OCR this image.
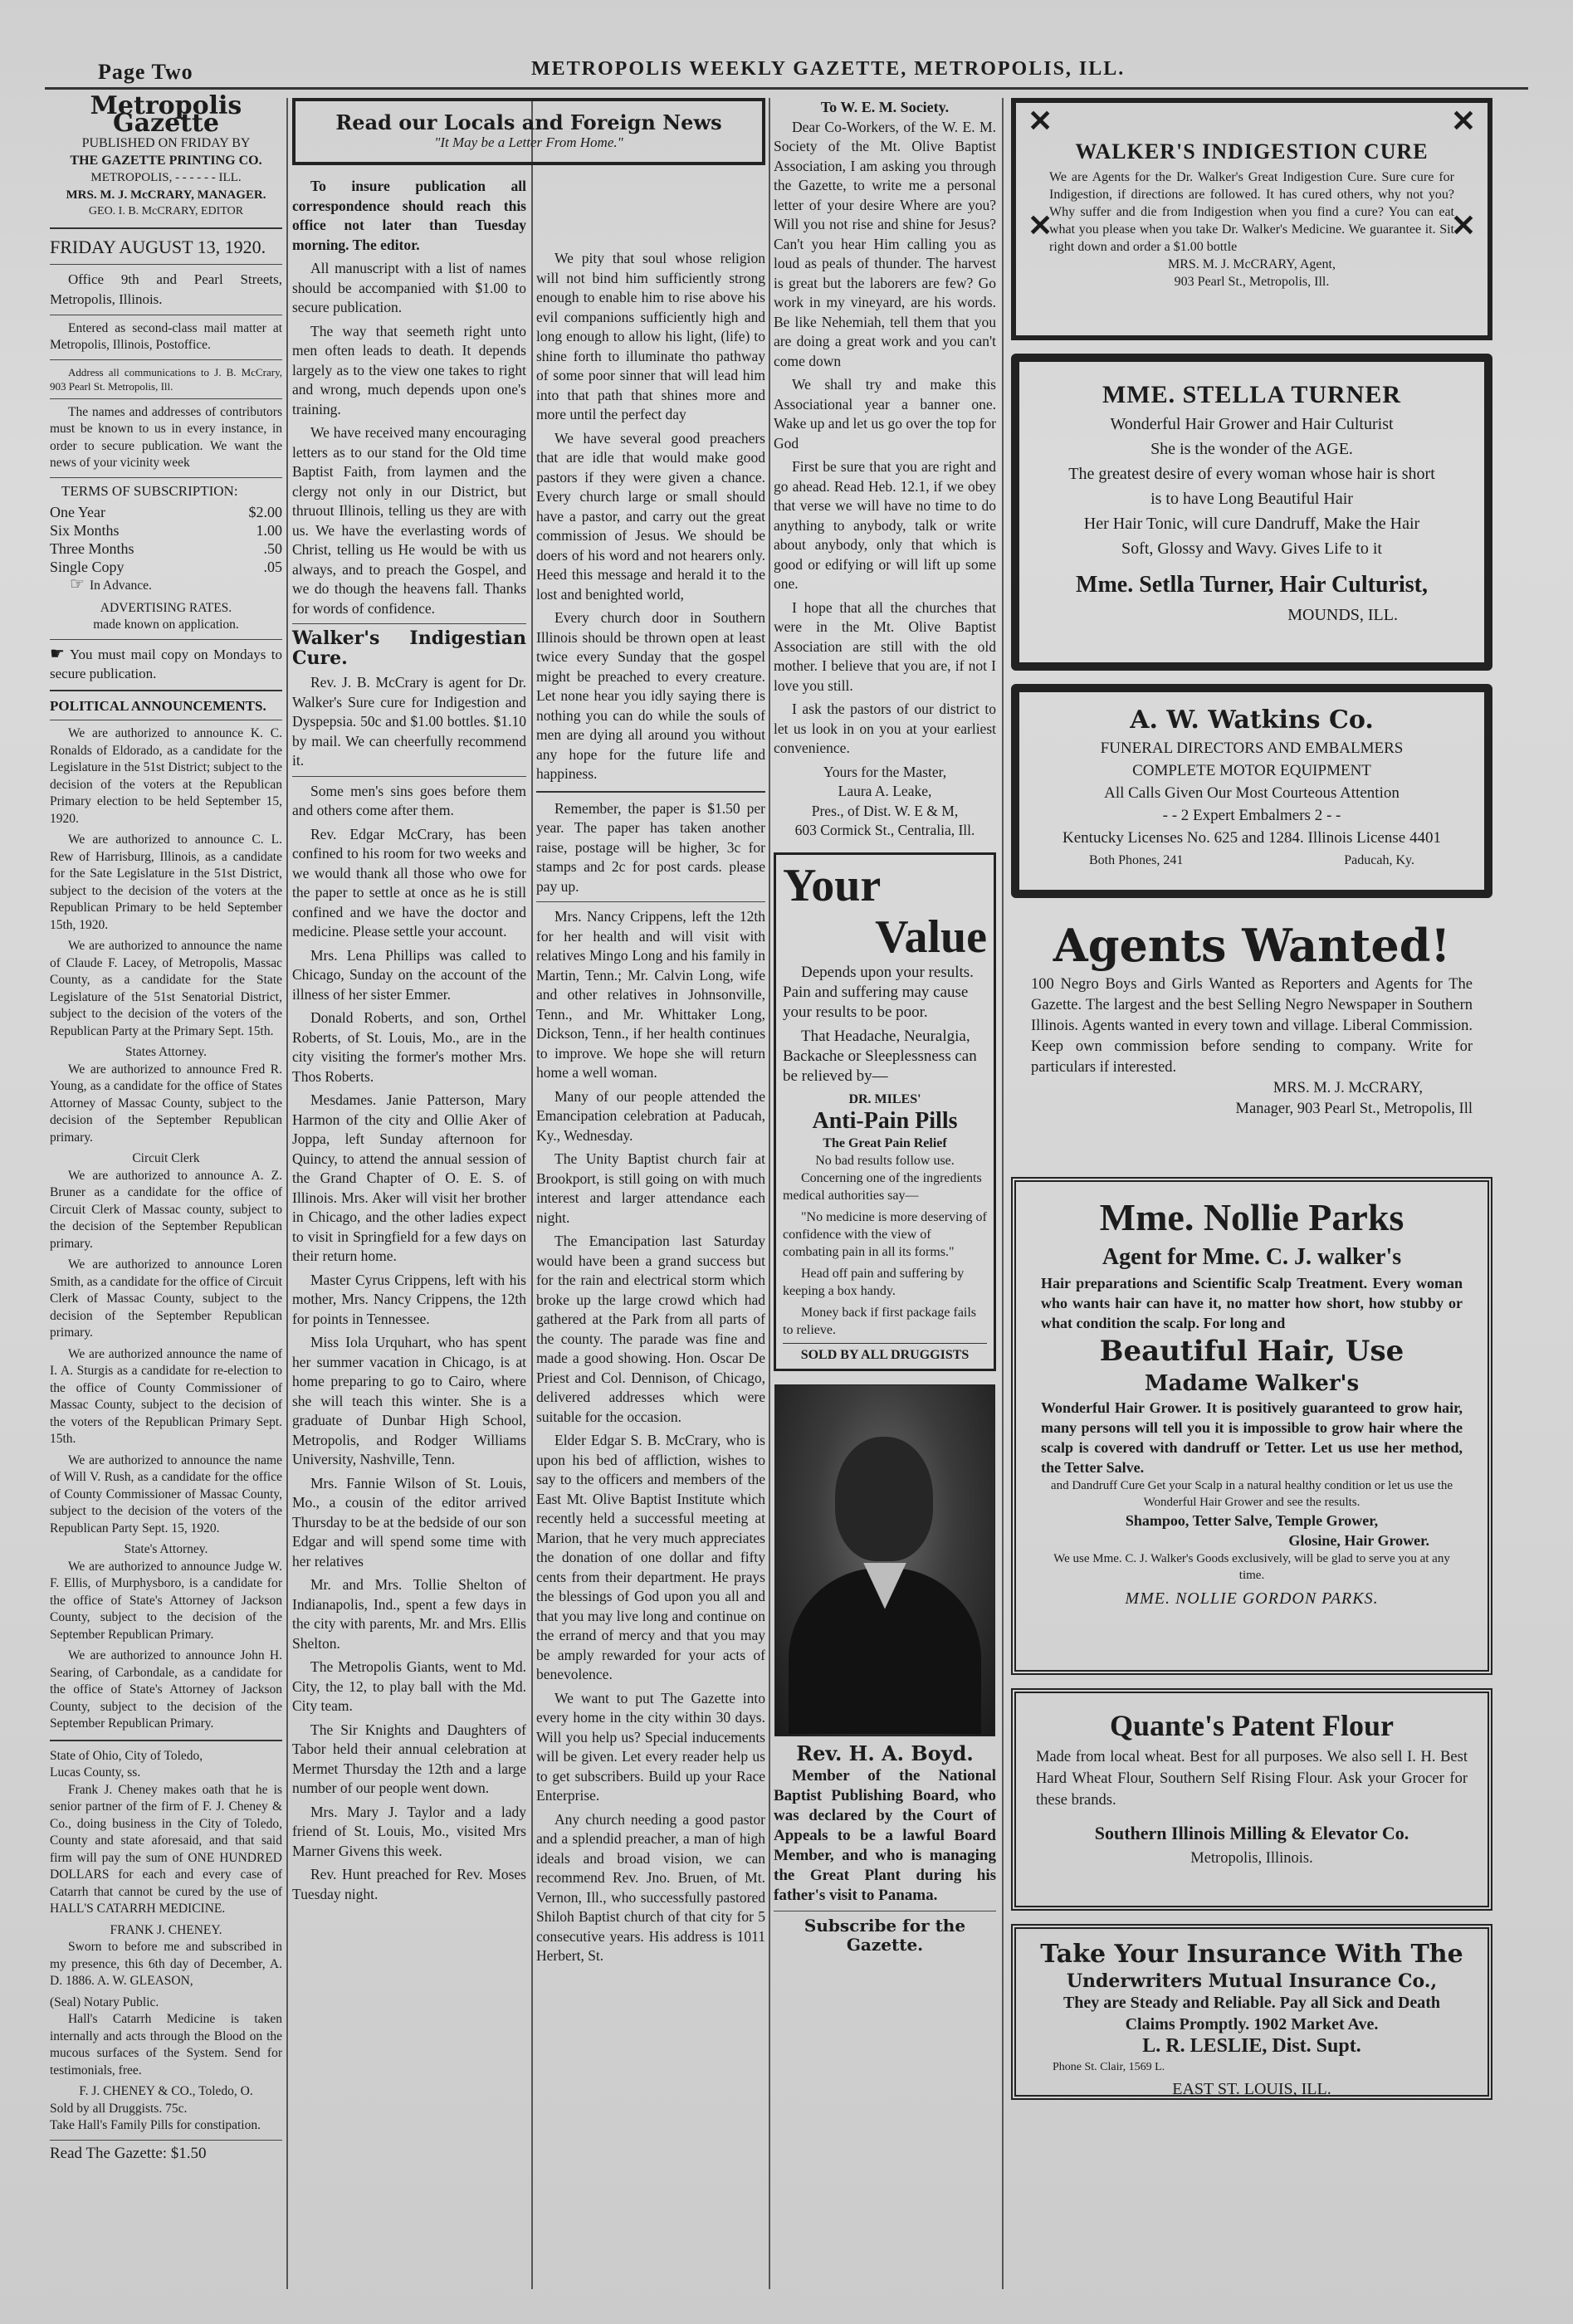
Page Two	METROPOLIS WEEKLY GAZETTE, METROPOLIS, ILL.
Metropolis Gazette
PUBLISHED ON FRIDAY BY
THE GAZETTE PRINTING CO.
METROPOLIS, - - - - - - ILL.
MRS. M. J. McCRARY, MANAGER.
GEO. I. B. McCRARY, EDITOR
FRIDAY AUGUST 13, 1920.

Office 9th and Pearl Streets, Metropolis, Illinois.

Entered as second-class mail matter at Metropolis, Illinois, Postoffice.

Address all communications to J. B. McCrary, 903 Pearl St. Metropolis, Ill.

The names and addresses of contributors must be known to us in every instance, in order to secure publication. We want the news of your vicinity week

TERMS OF SUBSCRIPTION:
One Year	$2.00
Six Months	1.00
Three Months	.50
Single Copy	.05
☞ In Advance.
ADVERTISING RATES.
made known on application.
☛ You must mail copy on Mondays to secure publication.
POLITICAL ANNOUNCEMENTS.

We are authorized to announce K. C. Ronalds of Eldorado, as a candidate for the Legislature in the 51st District; subject to the decision of the voters at the Republican Primary election to be held September 15, 1920.

We are authorized to announce C. L. Rew of Harrisburg, Illinois, as a candidate for the Sate Legislature in the 51st District, subject to the decision of the voters at the Republican Primary to be held September 15th, 1920.

We are authorized to announce the name of Claude F. Lacey, of Metropolis, Massac County, as a candidate for the State Legislature of the 51st Senatorial District, subject to the decision of the voters of the Republican Party at the Primary Sept. 15th.

States Attorney.

We are authorized to announce Fred R. Young, as a candidate for the office of States Attorney of Massac County, subject to the decision of the September Republican primary.

Circuit Clerk

We are authorized to announce A. Z. Bruner as a candidate for the office of Circuit Clerk of Massac county, subject to the decision of the September Republican primary.

We are authorized to announce Loren Smith, as a candidate for the office of Circuit Clerk of Massac County, subject to the decision of the September Republican primary.

We are authorized announce the name of I. A. Sturgis as a candidate for re-election to the office of County Commissioner of Massac County, subject to the decision of the voters of the Republican Primary Sept. 15th.

We are authorized to announce the name of Will V. Rush, as a candidate for the office of County Commissioner of Massac County, subject to the decision of the voters of the Republican Party Sept. 15, 1920.

State's Attorney.

We are authorized to announce Judge W. F. Ellis, of Murphysboro, is a candidate for the office of State's Attorney of Jackson County, subject to the decision of the September Republican Primary.

We are authorized to announce John H. Searing, of Carbondale, as a candidate for the office of State's Attorney of Jackson County, subject to the decision of the September Republican Primary.

State of Ohio, City of Toledo,
Lucas County, ss.

Frank J. Cheney makes oath that he is senior partner of the firm of F. J. Cheney & Co., doing business in the City of Toledo, County and state aforesaid, and that said firm will pay the sum of ONE HUNDRED DOLLARS for each and every case of Catarrh that cannot be cured by the use of HALL'S CATARRH MEDICINE.

FRANK J. CHENEY.

Sworn to before me and subscribed in my presence, this 6th day of December, A. D. 1886. A. W. GLEASON,

(Seal) Notary Public.

Hall's Catarrh Medicine is taken internally and acts through the Blood on the mucous surfaces of the System. Send for testimonials, free.

F. J. CHENEY & CO., Toledo, O.
Sold by all Druggists. 75c.
Take Hall's Family Pills for constipation.
Read The Gazette: $1.50
Read our Locals and Foreign News
"It May be a Letter From Home."

To insure publication all correspondence should reach this office not later than Tuesday morning. The editor.

All manuscript with a list of names should be accompanied with $1.00 to secure publication.

The way that seemeth right unto men often leads to death. It depends largely as to the view one takes to right and wrong, much depends upon one's training.

We have received many encouraging letters as to our stand for the Old time Baptist Faith, from laymen and the clergy not only in our District, but thruout Illinois, telling us they are with us. We have the everlasting words of Christ, telling us He would be with us always, and to preach the Gospel, and we do though the heavens fall. Thanks for words of confidence.

Walker's Indigestian Cure.

Rev. J. B. McCrary is agent for Dr. Walker's Sure cure for Indigestion and Dyspepsia. 50c and $1.00 bottles. $1.10 by mail. We can cheerfully recommend it.

Some men's sins goes before them and others come after them.

Rev. Edgar McCrary, has been confined to his room for two weeks and we would thank all those who owe for the paper to settle at once as he is still confined and we have the doctor and medicine. Please settle your account.

Mrs. Lena Phillips was called to Chicago, Sunday on the account of the illness of her sister Emmer.

Donald Roberts, and son, Orthel Roberts, of St. Louis, Mo., are in the city visiting the former's mother Mrs. Thos Roberts.

Mesdames. Janie Patterson, Mary Harmon of the city and Ollie Aker of Joppa, left Sunday afternoon for Quincy, to attend the annual session of the Grand Chapter of O. E. S. of Illinois. Mrs. Aker will visit her brother in Chicago, and the other ladies expect to visit in Springfield for a few days on their return home.

Master Cyrus Crippens, left with his mother, Mrs. Nancy Crippens, the 12th for points in Tennessee.

Miss Iola Urquhart, who has spent her summer vacation in Chicago, is at home preparing to go to Cairo, where she will teach this winter. She is a graduate of Dunbar High School, Metropolis, and Rodger Williams University, Nashville, Tenn.

Mrs. Fannie Wilson of St. Louis, Mo., a cousin of the editor arrived Thursday to be at the bedside of our son Edgar and will spend some time with her relatives

Mr. and Mrs. Tollie Shelton of Indianapolis, Ind., spent a few days in the city with parents, Mr. and Mrs. Ellis Shelton.

The Metropolis Giants, went to Md. City, the 12, to play ball with the Md. City team.

The Sir Knights and Daughters of Tabor held their annual celebration at Mermet Thursday the 12th and a large number of our people went down.

Mrs. Mary J. Taylor and a lady friend of St. Louis, Mo., visited Mrs Marner Givens this week.

Rev. Hunt preached for Rev. Moses Tuesday night.

We pity that soul whose religion will not bind him sufficiently strong enough to enable him to rise above his evil companions sufficiently high and long enough to allow his light, (life) to shine forth to illuminate tho pathway of some poor sinner that will lead him into that path that shines more and more until the perfect day

We have several good preachers that are idle that would make good pastors if they were given a chance. Every church large or small should have a pastor, and carry out the great commission of Jesus. We should be doers of his word and not hearers only. Heed this message and herald it to the lost and benighted world,

Every church door in Southern Illinois should be thrown open at least twice every Sunday that the gospel might be preached to every creature. Let none hear you idly saying there is nothing you can do while the souls of men are dying all around you without any hope for the future life and happiness.

Remember, the paper is $1.50 per year. The paper has taken another raise, postage will be higher, 3c for stamps and 2c for post cards. please pay up.

Mrs. Nancy Crippens, left the 12th for her health and will visit with relatives Mingo Long and his family in Martin, Tenn.; Mr. Calvin Long, wife and other relatives in Johnsonville, Tenn., and Mr. Whittaker Long, Dickson, Tenn., if her health continues to improve. We hope she will return home a well woman.

Many of our people attended the Emancipation celebration at Paducah, Ky., Wednesday.

The Unity Baptist church fair at Brookport, is still going on with much interest and larger attendance each night.

The Emancipation last Saturday would have been a grand success but for the rain and electrical storm which broke up the large crowd which had gathered at the Park from all parts of the county. The parade was fine and made a good showing. Hon. Oscar De Priest and Col. Dennison, of Chicago, delivered addresses which were suitable for the occasion.

Elder Edgar S. B. McCrary, who is upon his bed of affliction, wishes to say to the officers and members of the East Mt. Olive Baptist Institute which recently held a successful meeting at Marion, that he very much appreciates the donation of one dollar and fifty cents from their department. He prays the blessings of God upon you all and that you may live long and continue on the errand of mercy and that you may be amply rewarded for your acts of benevolence.

We want to put The Gazette into every home in the city within 30 days. Will you help us? Special inducements will be given. Let every reader help us to get subscribers. Build up your Race Enterprise.

Any church needing a good pastor and a splendid preacher, a man of high ideals and broad vision, we can recommend Rev. Jno. Bruen, of Mt. Vernon, Ill., who successfully pastored Shiloh Baptist church of that city for 5 consecutive years. His address is 1011 Herbert, St.

To W. E. M. Society.

Dear Co-Workers, of the W. E. M. Society of the Mt. Olive Baptist Association, I am asking you through the Gazette, to write me a personal letter of your desire Where are you? Will you not rise and shine for Jesus? Can't you hear Him calling you as loud as peals of thunder. The harvest is great but the laborers are few? Go work in my vineyard, are his words. Be like Nehemiah, tell them that you are doing a great work and you can't come down

We shall try and make this Associational year a banner one. Wake up and let us go over the top for God

First be sure that you are right and go ahead. Read Heb. 12.1, if we obey that verse we will have no time to do anything to anybody, talk or write about anybody, only that which is good or edifying or will lift up some one.

I hope that all the churches that were in the Mt. Olive Baptist Association are still with the old mother. I believe that you are, if not I love you still.

I ask the pastors of our district to let us look in on you at your earliest convenience.

Yours for the Master,
Laura A. Leake,
Pres., of Dist. W. E & M,
603 Cormick St., Centralia, Ill.
Your
Value

Depends upon your results. Pain and suffering may cause your results to be poor.

That Headache, Neuralgia, Backache or Sleeplessness can be relieved by—

DR. MILES'
Anti-Pain Pills
The Great Pain Relief
No bad results follow use.

Concerning one of the ingredients medical authorities say—

"No medicine is more deserving of confidence with the view of combating pain in all its forms."

Head off pain and suffering by keeping a box handy.

Money back if first package fails to relieve.

SOLD BY ALL DRUGGISTS
Rev. H. A. Boyd.

Member of the National Baptist Publishing Board, who was declared by the Court of Appeals to be a lawful Board Member, and who is managing the Great Plant during his father's visit to Panama.

Subscribe for the Gazette.
✕	✕
✕	✕
WALKER'S INDIGESTION CURE
We are Agents for the Dr. Walker's Great Indigestion Cure. Sure cure for Indigestion, if directions are followed. It has cured others, why not you? Why suffer and die from Indigestion when you find a cure? You can eat what you please when you take Dr. Walker's Medicine. We guarantee it. Sit right down and order a $1.00 bottle
MRS. M. J. McCRARY, Agent,
903 Pearl St., Metropolis, Ill.
MME. STELLA TURNER
Wonderful Hair Grower and Hair Culturist
She is the wonder of the AGE.
The greatest desire of every woman whose hair is short
is to have Long Beautiful Hair
Her Hair Tonic, will cure Dandruff, Make the Hair
Soft, Glossy and Wavy. Gives Life to it
Mme. Setlla Turner, Hair Culturist,
MOUNDS, ILL.
A. W. Watkins Co.
FUNERAL DIRECTORS AND EMBALMERS
COMPLETE MOTOR EQUIPMENT
All Calls Given Our Most Courteous Attention
- - 2 Expert Embalmers 2 - -
Kentucky Licenses No. 625 and 1284. Illinois License 4401
Both Phones, 241	Paducah, Ky.
Agents Wanted!
100 Negro Boys and Girls Wanted as Reporters and Agents for The Gazette. The largest and the best Selling Negro Newspaper in Southern Illinois. Agents wanted in every town and village. Liberal Commission. Keep own commission before sending to company. Write for particulars if interested.
MRS. M. J. McCRARY,
Manager, 903 Pearl St., Metropolis, Ill
Mme. Nollie Parks
Agent for Mme. C. J. walker's
Hair preparations and Scientific Scalp Treatment. Every woman who wants hair can have it, no matter how short, how stubby or what condition the scalp. For long and
Beautiful Hair, Use
Madame Walker's
Wonderful Hair Grower. It is positively guaranteed to grow hair, many persons will tell you it is impossible to grow hair where the scalp is covered with dandruff or Tetter. Let us use her method, the Tetter Salve.
and Dandruff Cure Get your Scalp in a natural healthy condition or let us use the Wonderful Hair Grower and see the results.
Shampoo, Tetter Salve, Temple Grower,
Glosine, Hair Grower.
We use Mme. C. J. Walker's Goods exclusively, will be glad to serve you at any time.
MME. NOLLIE GORDON PARKS.
Quante's Patent Flour
Made from local wheat. Best for all purposes. We also sell I. H. Best Hard Wheat Flour, Southern Self Rising Flour. Ask your Grocer for these brands.
Southern Illinois Milling & Elevator Co.
Metropolis, Illinois.
Take Your Insurance With The
Underwriters Mutual Insurance Co.,
They are Steady and Reliable. Pay all Sick and Death
Claims Promptly. 1902 Market Ave.
L. R. LESLIE, Dist. Supt.
Phone St. Clair, 1569 L.
EAST ST. LOUIS, ILL.
